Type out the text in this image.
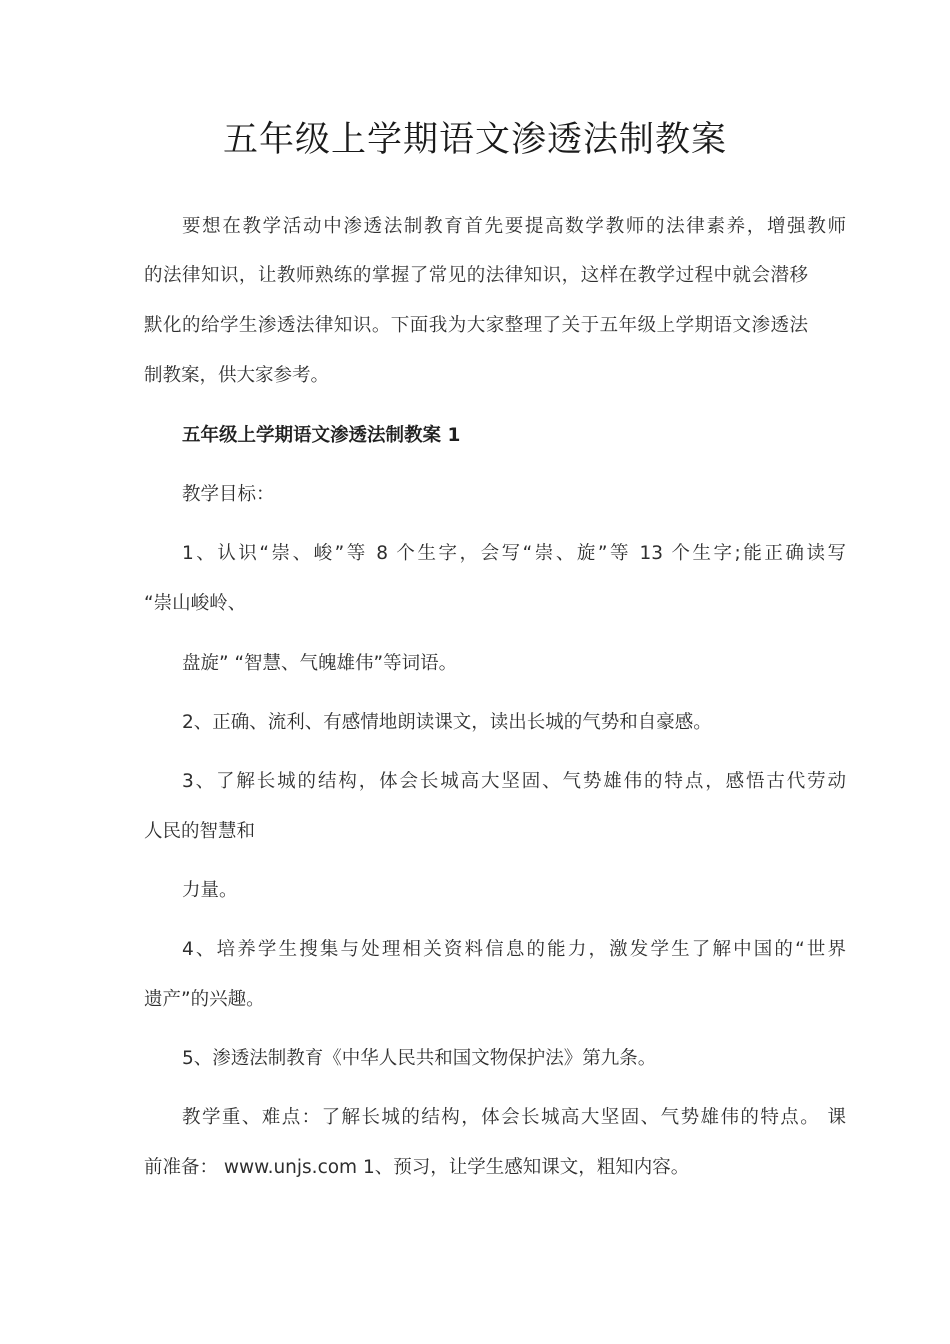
五年级上学期语文渗透法制教案
要想在教学活动中渗透法制教育首先要提高数学教师的法律素养，增强教师
的法律知识，让教师熟练的掌握了常见的法律知识，这样在教学过程中就会潜移
默化的给学生渗透法律知识。下面我为大家整理了关于五年级上学期语文渗透法
制教案，供大家参考。
五年级上学期语文渗透法制教案 1
教学目标：
1、认识“崇、峻”等 8 个生字，会写“崇、旋”等 13 个生字;能正确读写
“崇山峻岭、
盘旋” “智慧、气魄雄伟”等词语。
2、正确、流利、有感情地朗读课文，读出长城的气势和自豪感。
3、了解长城的结构，体会长城高大坚固、气势雄伟的特点，感悟古代劳动
人民的智慧和
力量。
4、培养学生搜集与处理相关资料信息的能力，激发学生了解中国的“世界
遗产”的兴趣。
5、渗透法制教育《中华人民共和国文物保护法》第九条。
教学重、难点：了解长城的结构，体会长城高大坚固、气势雄伟的特点。 课
前准备： www.unjs.com 1、预习，让学生感知课文，粗知内容。
